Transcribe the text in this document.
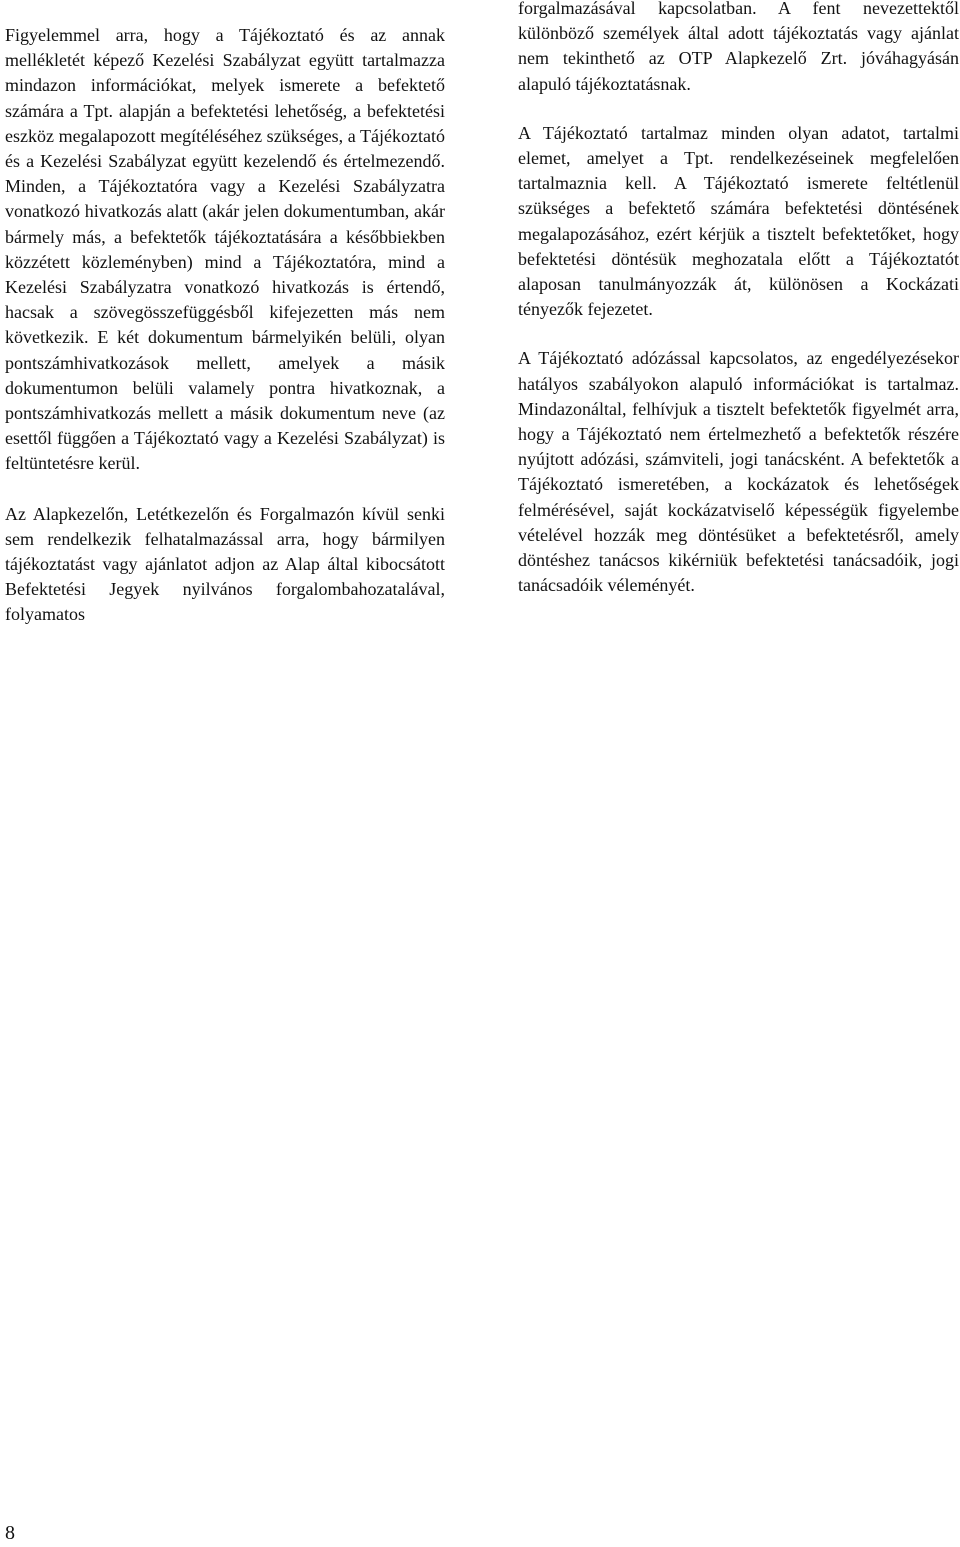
Figyelemmel arra, hogy a Tájékoztató és az annak mellékletét képező Kezelési Szabályzat együtt tartalmazza mindazon információkat, melyek ismerete a befektető számára a Tpt. alapján a befektetési lehetőség, a befektetési eszköz megalapozott megítéléséhez szükséges, a Tájékoztató és a Kezelési Szabályzat együtt kezelendő és értelmezendő. Minden, a Tájékoztatóra vagy a Kezelési Szabályzatra vonatkozó hivatkozás alatt (akár jelen dokumentumban, akár bármely más, a befektetők tájékoztatására a későbbiekben közzétett közleményben) mind a Tájékoztatóra, mind a Kezelési Szabályzatra vonatkozó hivatkozás is értendő, hacsak a szövegösszefüggésből kifejezetten más nem következik. E két dokumentum bármelyikén belüli, olyan pontszámhivatkozások mellett, amelyek a másik dokumentumon belüli valamely pontra hivatkoznak, a pontszámhivatkozás mellett a másik dokumentum neve (az esettől függően a Tájékoztató vagy a Kezelési Szabályzat) is feltüntetésre kerül.

Az Alapkezelőn, Letétkezelőn és Forgalmazón kívül senki sem rendelkezik felhatalmazással arra, hogy bármilyen tájékoztatást vagy ajánlatot adjon az Alap által kibocsátott Befektetési Jegyek nyilvános forgalombahozatalával, folyamatos

forgalmazásával kapcsolatban. A fent nevezettektől különböző személyek által adott tájékoztatás vagy ajánlat nem tekinthető az OTP Alapkezelő Zrt. jóváhagyásán alapuló tájékoztatásnak.

A Tájékoztató tartalmaz minden olyan adatot, tartalmi elemet, amelyet a Tpt. rendelkezéseinek megfelelően tartalmaznia kell. A Tájékoztató ismerete feltétlenül szükséges a befektető számára befektetési döntésének megalapozásához, ezért kérjük a tisztelt befektetőket, hogy befektetési döntésük meghozatala előtt a Tájékoztatót alaposan tanulmányozzák át, különösen a Kockázati tényezők fejezetet.

A Tájékoztató adózással kapcsolatos, az engedélyezésekor hatályos szabályokon alapuló információkat is tartalmaz. Mindazonáltal, felhívjuk a tisztelt befektetők figyelmét arra, hogy a Tájékoztató nem értelmezhető a befektetők részére nyújtott adózási, számviteli, jogi tanácsként. A befektetők a Tájékoztató ismeretében, a kockázatok és lehetőségek felmérésével, saját kockázatviselő képességük figyelembe vételével hozzák meg döntésüket a befektetésről, amely döntéshez tanácsos kikérniük befektetési tanácsadóik, jogi tanácsadóik véleményét.

8
